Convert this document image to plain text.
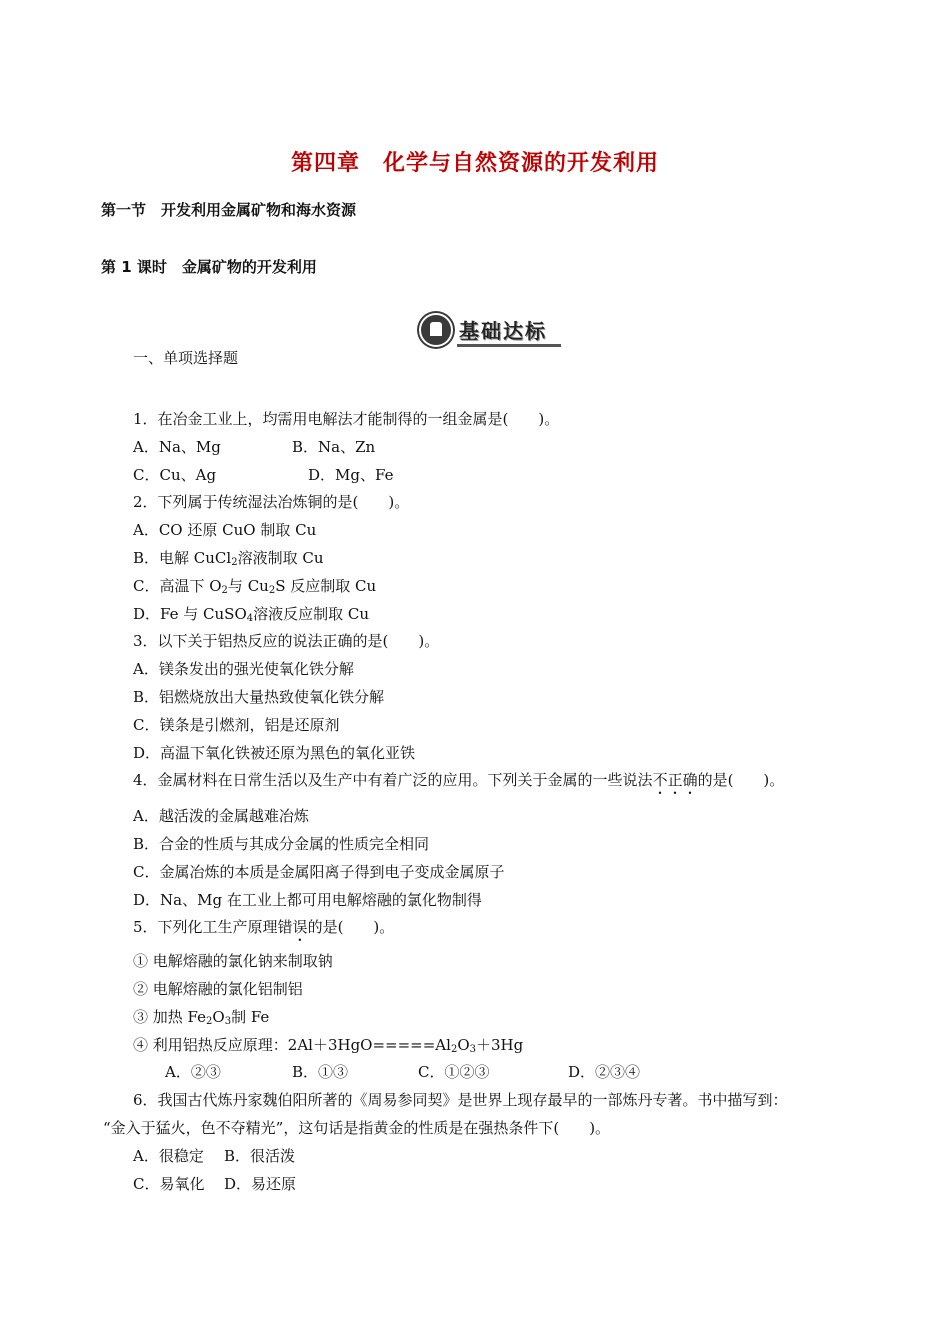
第四章　化学与自然资源的开发利用
第一节　开发利用金属矿物和海水资源
第 1 课时　金属矿物的开发利用
基础达标
一、单项选择题
1．在冶金工业上，均需用电解法才能制得的一组金属是(　　)。
A．Na、Mg	B．Na、Zn
C．Cu、Ag	D．Mg、Fe
2．下列属于传统湿法冶炼铜的是(　　)。
A．CO 还原 CuO 制取 Cu
B．电解 CuCl$_2$溶液制取 Cu
C．高温下 $O_2$与 $Cu_2S$ 反应制取 Cu
D．Fe 与 CuSO$_4$溶液反应制取 Cu
3．以下关于铝热反应的说法正确的是(　　)。
A．镁条发出的强光使氧化铁分解
B．铝燃烧放出大量热致使氧化铁分解
C．镁条是引燃剂，铝是还原剂
D．高温下氧化铁被还原为黑色的氧化亚铁
4．金属材料在日常生活以及生产中有着广泛的应用。下列关于金属的一些说法不正确的是(　　)。
A．越活泼的金属越难冶炼
B．合金的性质与其成分金属的性质完全相同
C．金属冶炼的本质是金属阳离子得到电子变成金属原子
D．Na、Mg 在工业上都可用电解熔融的氯化物制得
5．下列化工生产原理错误的是(　　)。
① 电解熔融的氯化钠来制取钠
② 电解熔融的氯化铝制铝
③ 加热 $Fe_2O_3$制 Fe
④ 利用铝热反应原理：$2Al+3HgO=====Al_2O_3+3Hg$
A．②③	B．①③	C．①②③	D．②③④
6．我国古代炼丹家魏伯阳所著的《周易参同契》是世界上现存最早的一部炼丹专著。书中描写到：
“金入于猛火，色不夺精光”，这句话是指黄金的性质是在强热条件下(　　)。
A．很稳定 B．很活泼
C．易氧化 D．易还原
